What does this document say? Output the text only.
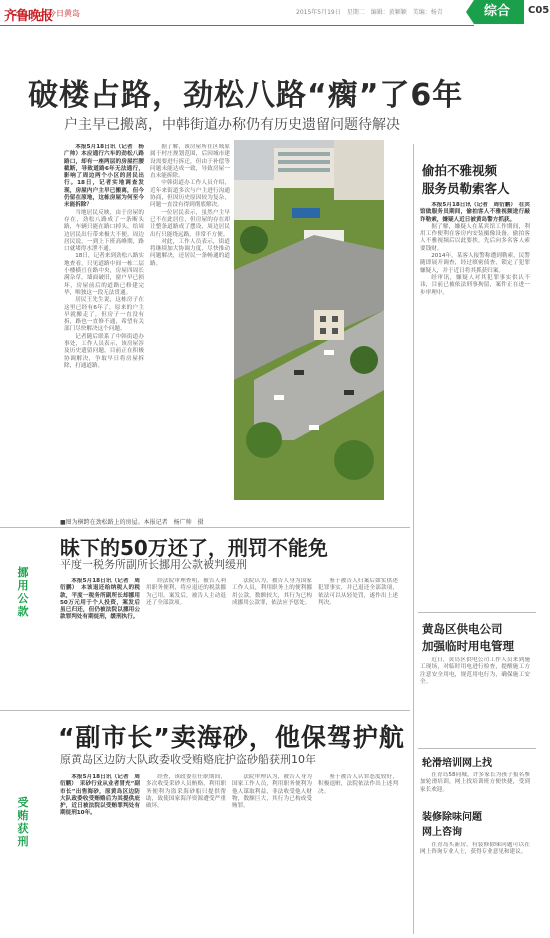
齐鲁晚报
今日黄岛	2015年5月19日　星期二　编辑：黄颖颖　美编：杨青	综合	C05
破楼占路，劲松八路“瘸”了6年
户主早已搬离，中韩街道办称仍有历史遗留问题待解决

本报5月18日讯（记者　杨广帅）本应通行六车的劲松八路路口，却有一座两层的房屋拦腰截断，导致道路6年无法通行，影响了周边两个小区的居民出行。18日，记者实地调查发现，房屋内户主早已搬离，但今仍留在原地，这栋房屋为何至今未能拆除？

当地居民反映，由于房屋的存在，劲松八路成了一条断头路，车辆只能在路口掉头，给周边居民出行带来极大不便。周边居民说，一到上下班高峰期，路口就堵得水泄不通。

18日，记者来到劲松八路实地查看，只见道路中间一栋二层小楼横亘在路中央，房屋四周长满杂草，墙面破旧，窗户早已损坏，房屋前后的道路已修建完毕，唯独这一段无法贯通。

居民王先生说，这栋房子在这里已经有6年了，原来的户主早就搬走了，但房子一直没有拆，路也一直修不通，希望有关部门尽快解决这个问题。

记者随后联系了中韩街道办事处，工作人员表示，该房屋涉及历史遗留问题，目前正在积极协调解决，争取早日将房屋拆除，打通道路。

据了解，该房屋所在区域原属于村庄规划范围，后因城市建设需要进行拆迁，但由于补偿等问题未能达成一致，导致房屋一直未能拆除。

中韩街道办工作人员介绍，近年来街道多次与户主进行沟通协商，但因历史原因较为复杂，问题一直没有得到彻底解决。

一位居民表示，虽然户主早已不在此居住，但房屋的存在却让整条道路成了摆设，周边居民出行只能绕远路，非常不方便。

对此，工作人员表示，街道将继续加大协调力度，尽快推动问题解决，还居民一条畅通的道路。

■图为横跨在劲松路上的房屋。本报记者　杨广帅　摄
偷拍不雅视频
服务员勒索客人

本报5月18日讯（记者　周衍鹏）　在宾馆做服务员期间，偷拍客人不雅视频进行敲诈勒索，嫌疑人近日被黄岛警方抓获。

据了解，嫌疑人在某宾馆工作期间，利用工作便利在客房内安装摄像设备，偷拍客人不雅视频后以此要挟，先后向多名客人索要钱财。

2014年，某客人报警称遭到勒索，民警随即展开调查，经过缜密侦查，锁定了犯罪嫌疑人，并于近日将其抓获归案。

经审讯，嫌疑人对其犯罪事实供认不讳，目前已被依法刑事拘留，案件正在进一步审理中。

黄岛区供电公司
加强临时用电管理

近日，黄岛区供电公司工作人员来到施工现场，对临时用电进行检查，提醒施工方注意安全用电，规范用电行为，确保施工安全。

轮滑培训网上找

在青岛58同城，许多家长为孩子报名参加轮滑培训，网上找培训班方便快捷，受到家长欢迎。

装修除味问题
网上咨询

在青岛买新房，有装修除味问题可以在网上咨询专业人士，获得专业意见和建议。

挪用公款
昧下的50万还了，刑罚不能免
平度一税务所副所长挪用公款被判缓刑

本报5月18日讯（记者　周衍鹏）　本该退还给纳税人的税款，平度一税务所副所长却挪用50万元用于个人投资，案发后虽已归还，但仍被法院以挪用公款罪判处有期徒刑，缓刑执行。

经法院审理查明，被告人利用职务便利，将应退还的税款挪为己用。案发后，被告人主动退还了全部款项。

法院认为，被告人身为国家工作人员，利用职务上的便利挪用公款，数额较大，其行为已构成挪用公款罪，依法应予惩处。

鉴于被告人归案后如实供述犯罪事实，并已退还全部款项，依法可以从轻处罚，遂作出上述判决。

受贿获刑
“副市长”卖海砂，他保驾护航
原黄岛区边防大队政委收受贿赂庇护盗砂船获刑10年

本报5月18日讯（记者　周衍鹏）　采砂行业从业者冒充“副市长”出售海砂，原黄岛区边防大队政委收受贿赂后为其提供庇护，近日被法院以受贿罪判处有期徒刑10年。

经查，该政委在任职期间，多次收受采砂人员贿赂，利用职务便利为盗采海砂船只提供帮助，致使国家海洋资源遭受严重破坏。

法院审理认为，被告人身为国家工作人员，利用职务便利为他人谋取利益，非法收受他人财物，数额巨大，其行为已构成受贿罪。

鉴于被告人认罪态度较好，积极退赃，法院依法作出上述判决。
